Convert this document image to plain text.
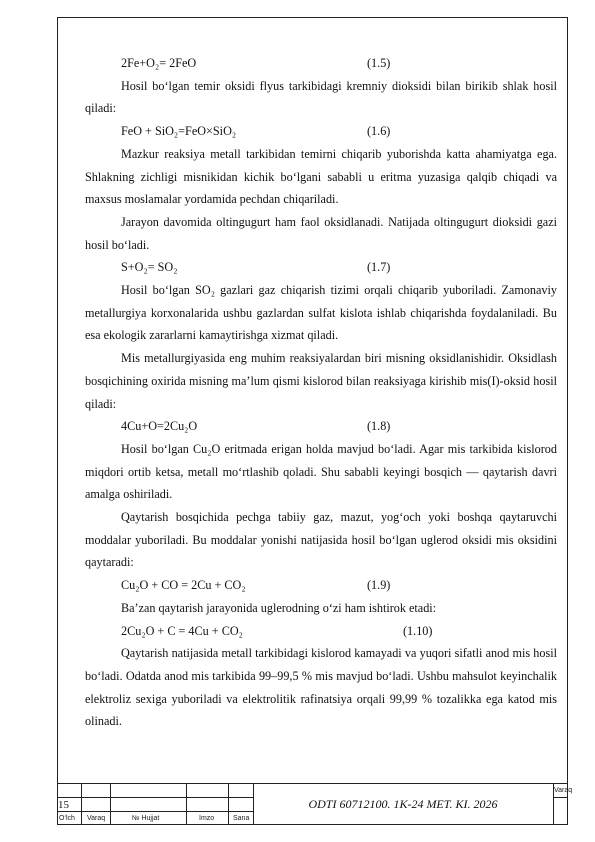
2Fe+O₂= 2FeO	(1.5)

Hosil bo‘lgan temir oksidi flyus tarkibidagi kremniy dioksidi bilan birikib shlak hosil qiladi:

FeO + SiO₂=FeO×SiO₂	(1.6)

Mazkur reaksiya metall tarkibidan temirni chiqarib yuborishda katta ahamiyatga ega. Shlakning zichligi misnikidan kichik bo‘lgani sababli u eritma yuzasiga qalqib chiqadi va maxsus moslamalar yordamida pechdan chiqariladi.

Jarayon davomida oltingugurt ham faol oksidlanadi. Natijada oltingugurt dioksidi gazi hosil bo‘ladi.

S+O₂= SO₂	(1.7)

Hosil bo‘lgan SO₂ gazlari gaz chiqarish tizimi orqali chiqarib yuboriladi. Zamonaviy metallurgiya korxonalarida ushbu gazlardan sulfat kislota ishlab chiqarishda foydalaniladi. Bu esa ekologik zararlarni kamaytirishga xizmat qiladi.

Mis metallurgiyasida eng muhim reaksiyalardan biri misning oksidlanishidir. Oksidlash bosqichining oxirida misning ma’lum qismi kislorod bilan reaksiyaga kirishib mis(I)-oksid hosil qiladi:

4Cu+O=2Cu₂O	(1.8)

Hosil bo‘lgan Cu₂O eritmada erigan holda mavjud bo‘ladi. Agar mis tarkibida kislorod miqdori ortib ketsa, metall mo‘rtlashib qoladi. Shu sababli keyingi bosqich — qaytarish davri amalga oshiriladi.

Qaytarish bosqichida pechga tabiiy gaz, mazut, yog‘och yoki boshqa qaytaruvchi moddalar yuboriladi. Bu moddalar yonishi natijasida hosil bo‘lgan uglerod oksidi mis oksidini qaytaradi:

Cu₂O + CO = 2Cu + CO₂	(1.9)

Ba’zan qaytarish jarayonida uglerodning o‘zi ham ishtirok etadi:

2Cu₂O + C = 4Cu + CO₂	(1.10)

Qaytarish natijasida metall tarkibidagi kislorod kamayadi va yuqori sifatli anod mis hosil bo‘ladi. Odatda anod mis tarkibida 99–99,5 % mis mavjud bo‘ladi. Ushbu mahsulot keyinchalik elektroliz sexiga yuboriladi va elektrolitik rafinatsiya orqali 99,99 % tozalikka ega katod mis olinadi.

ODTI 60712100. 1K-24 MET. KI. 2026
15
Varaq
O‘lch Varaq	№ Hujjat	Imzo	Sana
